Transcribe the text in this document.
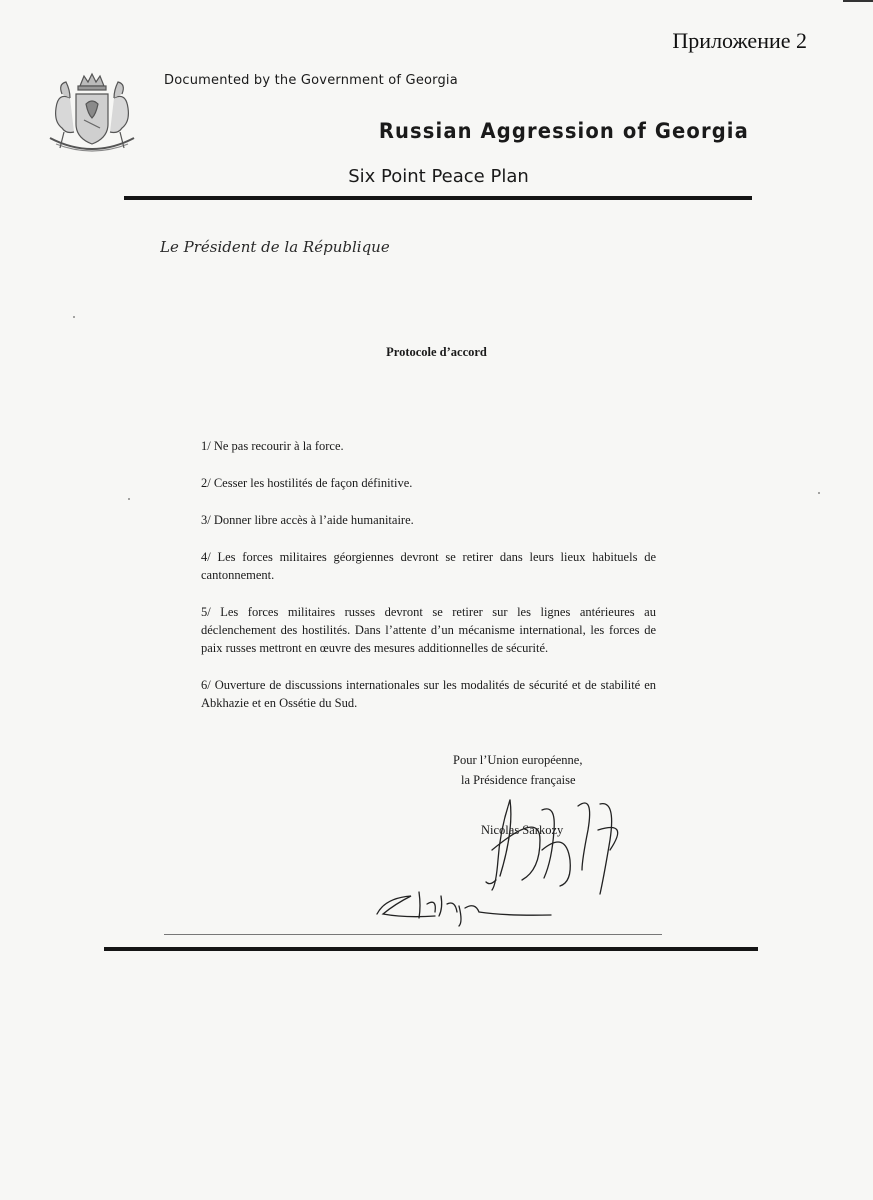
Приложение 2
Documented by the Government of Georgia
Russian Aggression of Georgia
Six Point Peace Plan
Le Président de la République
Protocole d’accord
1/ Ne pas recourir à la force.
2/ Cesser les hostilités de façon définitive.
3/ Donner libre accès à l’aide humanitaire.
4/ Les forces militaires géorgiennes devront se retirer dans leurs lieux habituels de cantonnement.
5/ Les forces militaires russes devront se retirer sur les lignes antérieures au déclenchement des hostilités. Dans l’attente d’un mécanisme international, les forces de paix russes mettront en œuvre des mesures additionnelles de sécurité.
6/ Ouverture de discussions internationales sur les modalités de sécurité et de stabilité en Abkhazie et en Ossétie du Sud.
Pour l’Union européenne,
la Présidence française
Nicolas Sarkozy
